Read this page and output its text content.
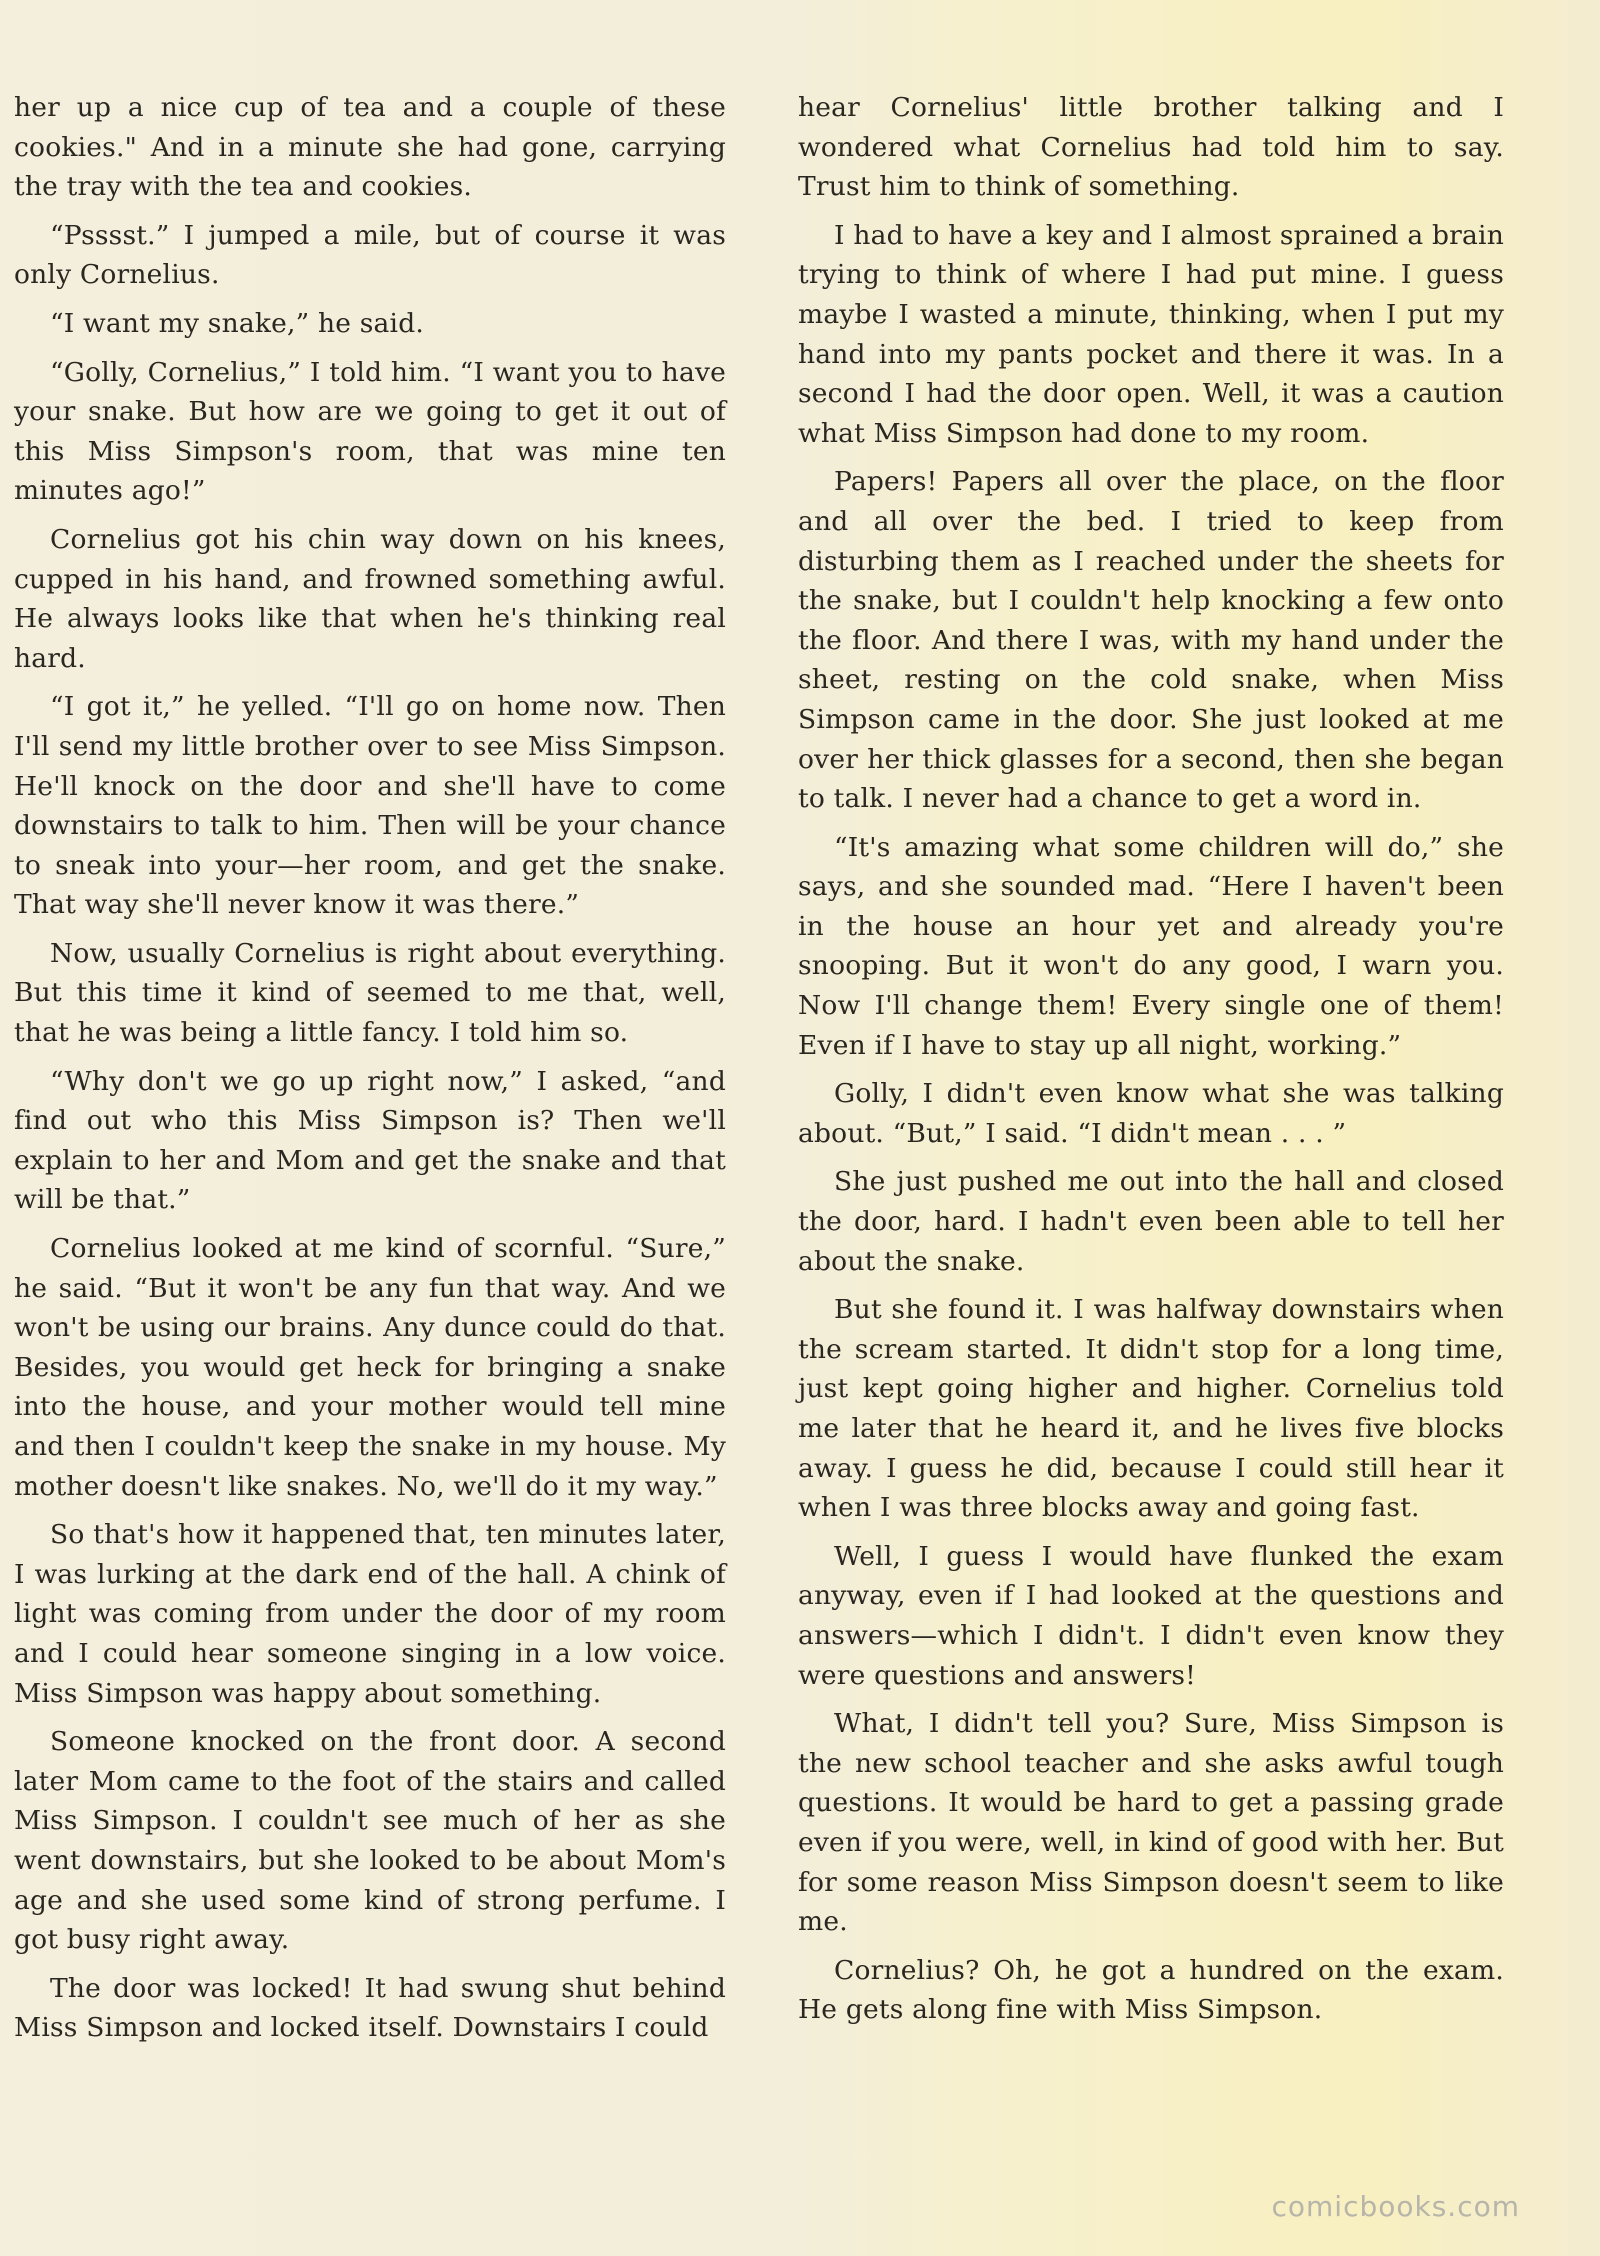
her up a nice cup of tea and a couple of these cookies." And in a minute she had gone, carrying the tray with the tea and cookies.

“Psssst.” I jumped a mile, but of course it was only Cornelius.

“I want my snake,” he said.

“Golly, Cornelius,” I told him. “I want you to have your snake. But how are we going to get it out of this Miss Simpson's room, that was mine ten minutes ago!”

Cornelius got his chin way down on his knees, cupped in his hand, and frowned something awful. He always looks like that when he's thinking real hard.

“I got it,” he yelled. “I'll go on home now. Then I'll send my little brother over to see Miss Simpson. He'll knock on the door and she'll have to come downstairs to talk to him. Then will be your chance to sneak into your—her room, and get the snake. That way she'll never know it was there.”

Now, usually Cornelius is right about everything. But this time it kind of seemed to me that, well, that he was being a little fancy. I told him so.

“Why don't we go up right now,” I asked, “and find out who this Miss Simpson is? Then we'll explain to her and Mom and get the snake and that will be that.”

Cornelius looked at me kind of scornful. “Sure,” he said. “But it won't be any fun that way. And we won't be using our brains. Any dunce could do that. Besides, you would get heck for bringing a snake into the house, and your mother would tell mine and then I couldn't keep the snake in my house. My mother doesn't like snakes. No, we'll do it my way.”

So that's how it happened that, ten minutes later, I was lurking at the dark end of the hall. A chink of light was coming from under the door of my room and I could hear someone singing in a low voice. Miss Simpson was happy about something.

Someone knocked on the front door. A second later Mom came to the foot of the stairs and called Miss Simpson. I couldn't see much of her as she went downstairs, but she looked to be about Mom's age and she used some kind of strong perfume. I got busy right away.

The door was locked! It had swung shut behind Miss Simpson and locked itself. Downstairs I could

hear Cornelius' little brother talking and I wondered what Cornelius had told him to say. Trust him to think of something.

I had to have a key and I almost sprained a brain trying to think of where I had put mine. I guess maybe I wasted a minute, thinking, when I put my hand into my pants pocket and there it was. In a second I had the door open. Well, it was a caution what Miss Simpson had done to my room.

Papers! Papers all over the place, on the floor and all over the bed. I tried to keep from disturbing them as I reached under the sheets for the snake, but I couldn't help knocking a few onto the floor. And there I was, with my hand under the sheet, resting on the cold snake, when Miss Simpson came in the door. She just looked at me over her thick glasses for a second, then she began to talk. I never had a chance to get a word in.

“It's amazing what some children will do,” she says, and she sounded mad. “Here I haven't been in the house an hour yet and already you're snooping. But it won't do any good, I warn you. Now I'll change them! Every single one of them! Even if I have to stay up all night, working.”

Golly, I didn't even know what she was talking about. “But,” I said. “I didn't mean . . . ”

She just pushed me out into the hall and closed the door, hard. I hadn't even been able to tell her about the snake.

But she found it. I was halfway downstairs when the scream started. It didn't stop for a long time, just kept going higher and higher. Cornelius told me later that he heard it, and he lives five blocks away. I guess he did, because I could still hear it when I was three blocks away and going fast.

Well, I guess I would have flunked the exam anyway, even if I had looked at the questions and answers—which I didn't. I didn't even know they were questions and answers!

What, I didn't tell you? Sure, Miss Simpson is the new school teacher and she asks awful tough questions. It would be hard to get a passing grade even if you were, well, in kind of good with her. But for some reason Miss Simpson doesn't seem to like me.

Cornelius? Oh, he got a hundred on the exam. He gets along fine with Miss Simpson.

comicbooks.com
